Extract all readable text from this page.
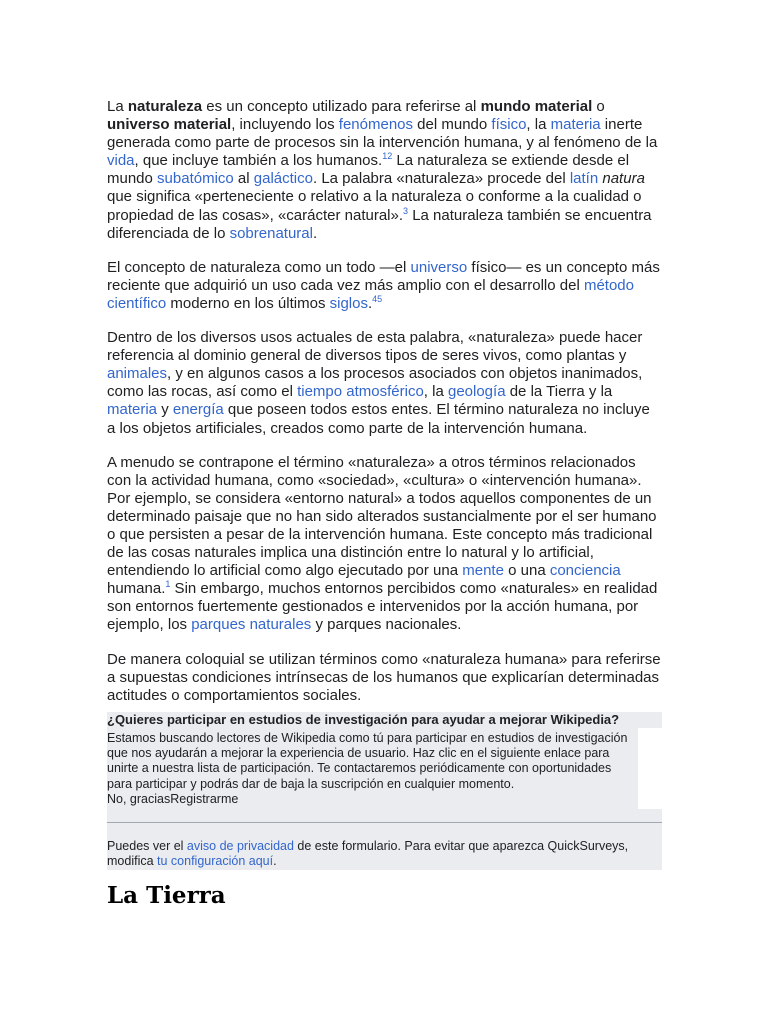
La naturaleza es un concepto utilizado para referirse al mundo material o universo material, incluyendo los fenómenos del mundo físico, la materia inerte generada como parte de procesos sin la intervención humana, y al fenómeno de la vida, que incluye también a los humanos.$^{12}$ La naturaleza se extiende desde el mundo subatómico al galáctico. La palabra «naturaleza» procede del latín natura que significa «perteneciente o relativo a la naturaleza o conforme a la cualidad o propiedad de las cosas», «carácter natural».$^3$ La naturaleza también se encuentra diferenciada de lo sobrenatural.

El concepto de naturaleza como un todo —el universo físico— es un concepto más reciente que adquirió un uso cada vez más amplio con el desarrollo del método científico moderno en los últimos siglos.$^{45}$

Dentro de los diversos usos actuales de esta palabra, «naturaleza» puede hacer referencia al dominio general de diversos tipos de seres vivos, como plantas y animales, y en algunos casos a los procesos asociados con objetos inanimados, como las rocas, así como el tiempo atmosférico, la geología de la Tierra y la materia y energía que poseen todos estos entes. El término naturaleza no incluye a los objetos artificiales, creados como parte de la intervención humana.

A menudo se contrapone el término «naturaleza» a otros términos relacionados con la actividad humana, como «sociedad», «cultura» o «intervención humana». Por ejemplo, se considera «entorno natural» a todos aquellos componentes de un determinado paisaje que no han sido alterados sustancialmente por el ser humano o que persisten a pesar de la intervención humana. Este concepto más tradicional de las cosas naturales implica una distinción entre lo natural y lo artificial, entendiendo lo artificial como algo ejecutado por una mente o una conciencia humana.$^1$ Sin embargo, muchos entornos percibidos como «naturales» en realidad son entornos fuertemente gestionados e intervenidos por la acción humana, por ejemplo, los parques naturales y parques nacionales.

De manera coloquial se utilizan términos como «naturaleza humana» para referirse a supuestas condiciones intrínsecas de los humanos que explicarían determinadas actitudes o comportamientos sociales.

¿Quieres participar en estudios de investigación para ayudar a mejorar Wikipedia?
Estamos buscando lectores de Wikipedia como tú para participar en estudios de investigación que nos ayudarán a mejorar la experiencia de usuario. Haz clic en el siguiente enlace para unirte a nuestra lista de participación. Te contactaremos periódicamente con oportunidades para participar y podrás dar de baja la suscripción en cualquier momento.
No, graciasRegistrarme
Puedes ver el aviso de privacidad de este formulario. Para evitar que aparezca QuickSurveys, modifica tu configuración aquí.
La Tierra
